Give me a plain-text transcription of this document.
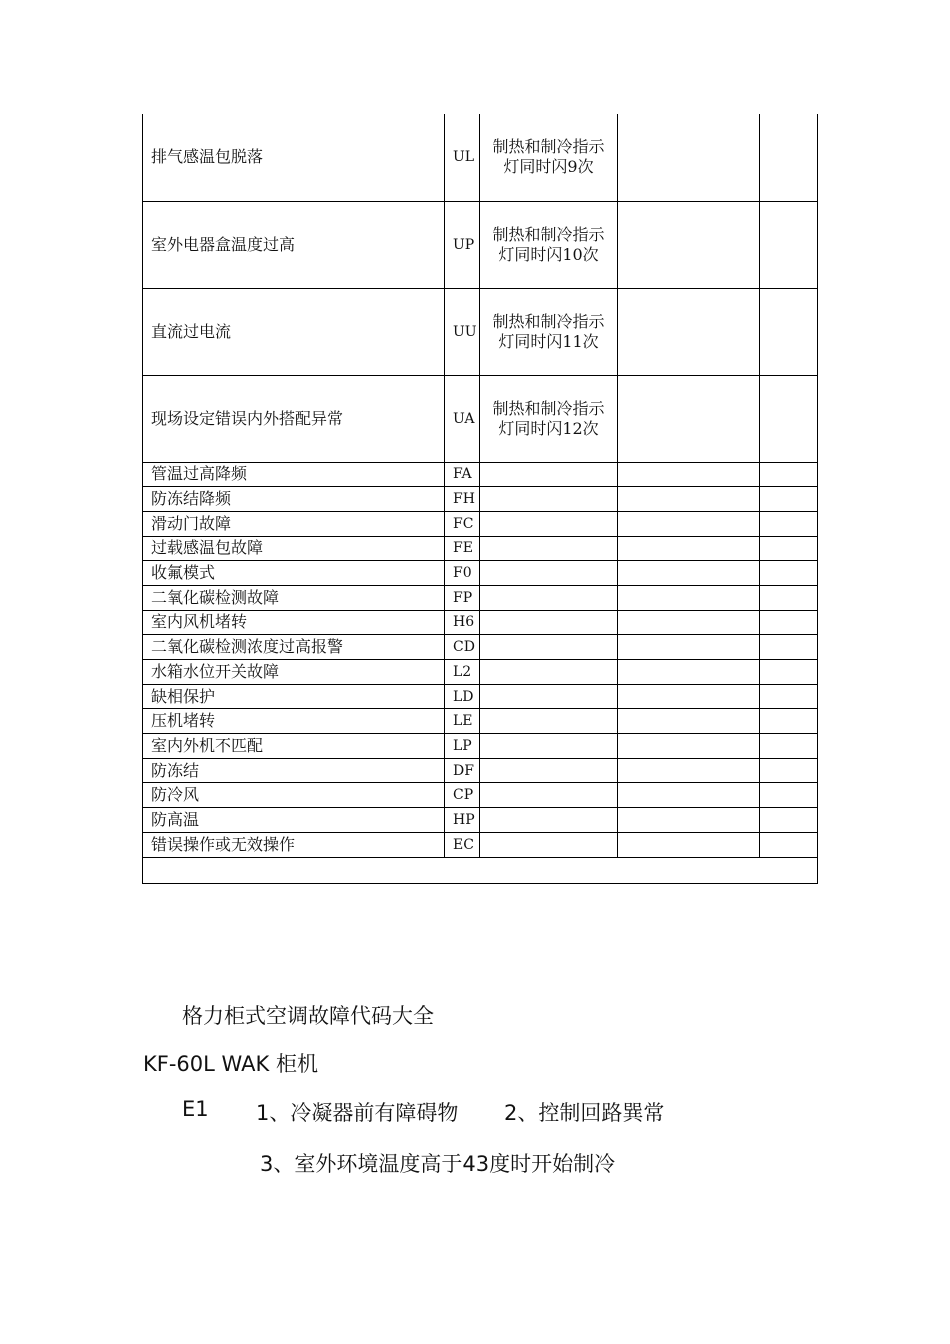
排气感温包脱落	UL	制热和制冷指示灯同时闪9次		
室外电器盒温度过高	UP	制热和制冷指示灯同时闪10次		
直流过电流	UU	制热和制冷指示灯同时闪11次		
现场设定错误内外搭配异常	UA	制热和制冷指示灯同时闪12次		
管温过高降频	FA			
防冻结降频	FH			
滑动门故障	FC			
过载感温包故障	FE			
收氟模式	F0			
二氧化碳检测故障	FP			
室内风机堵转	H6			
二氧化碳检测浓度过高报警	CD			
水箱水位开关故障	L2			
缺相保护	LD			
压机堵转	LE			
室内外机不匹配	LP			
防冻结	DF			
防冷风	CP			
防高温	HP			
错误操作或无效操作	EC			

格力柜式空调故障代码大全
KF-60L WAK 柜机
E1 1、冷凝器前有障碍物 2、控制回路巽常
3、室外环境温度高于43度时开始制冷
